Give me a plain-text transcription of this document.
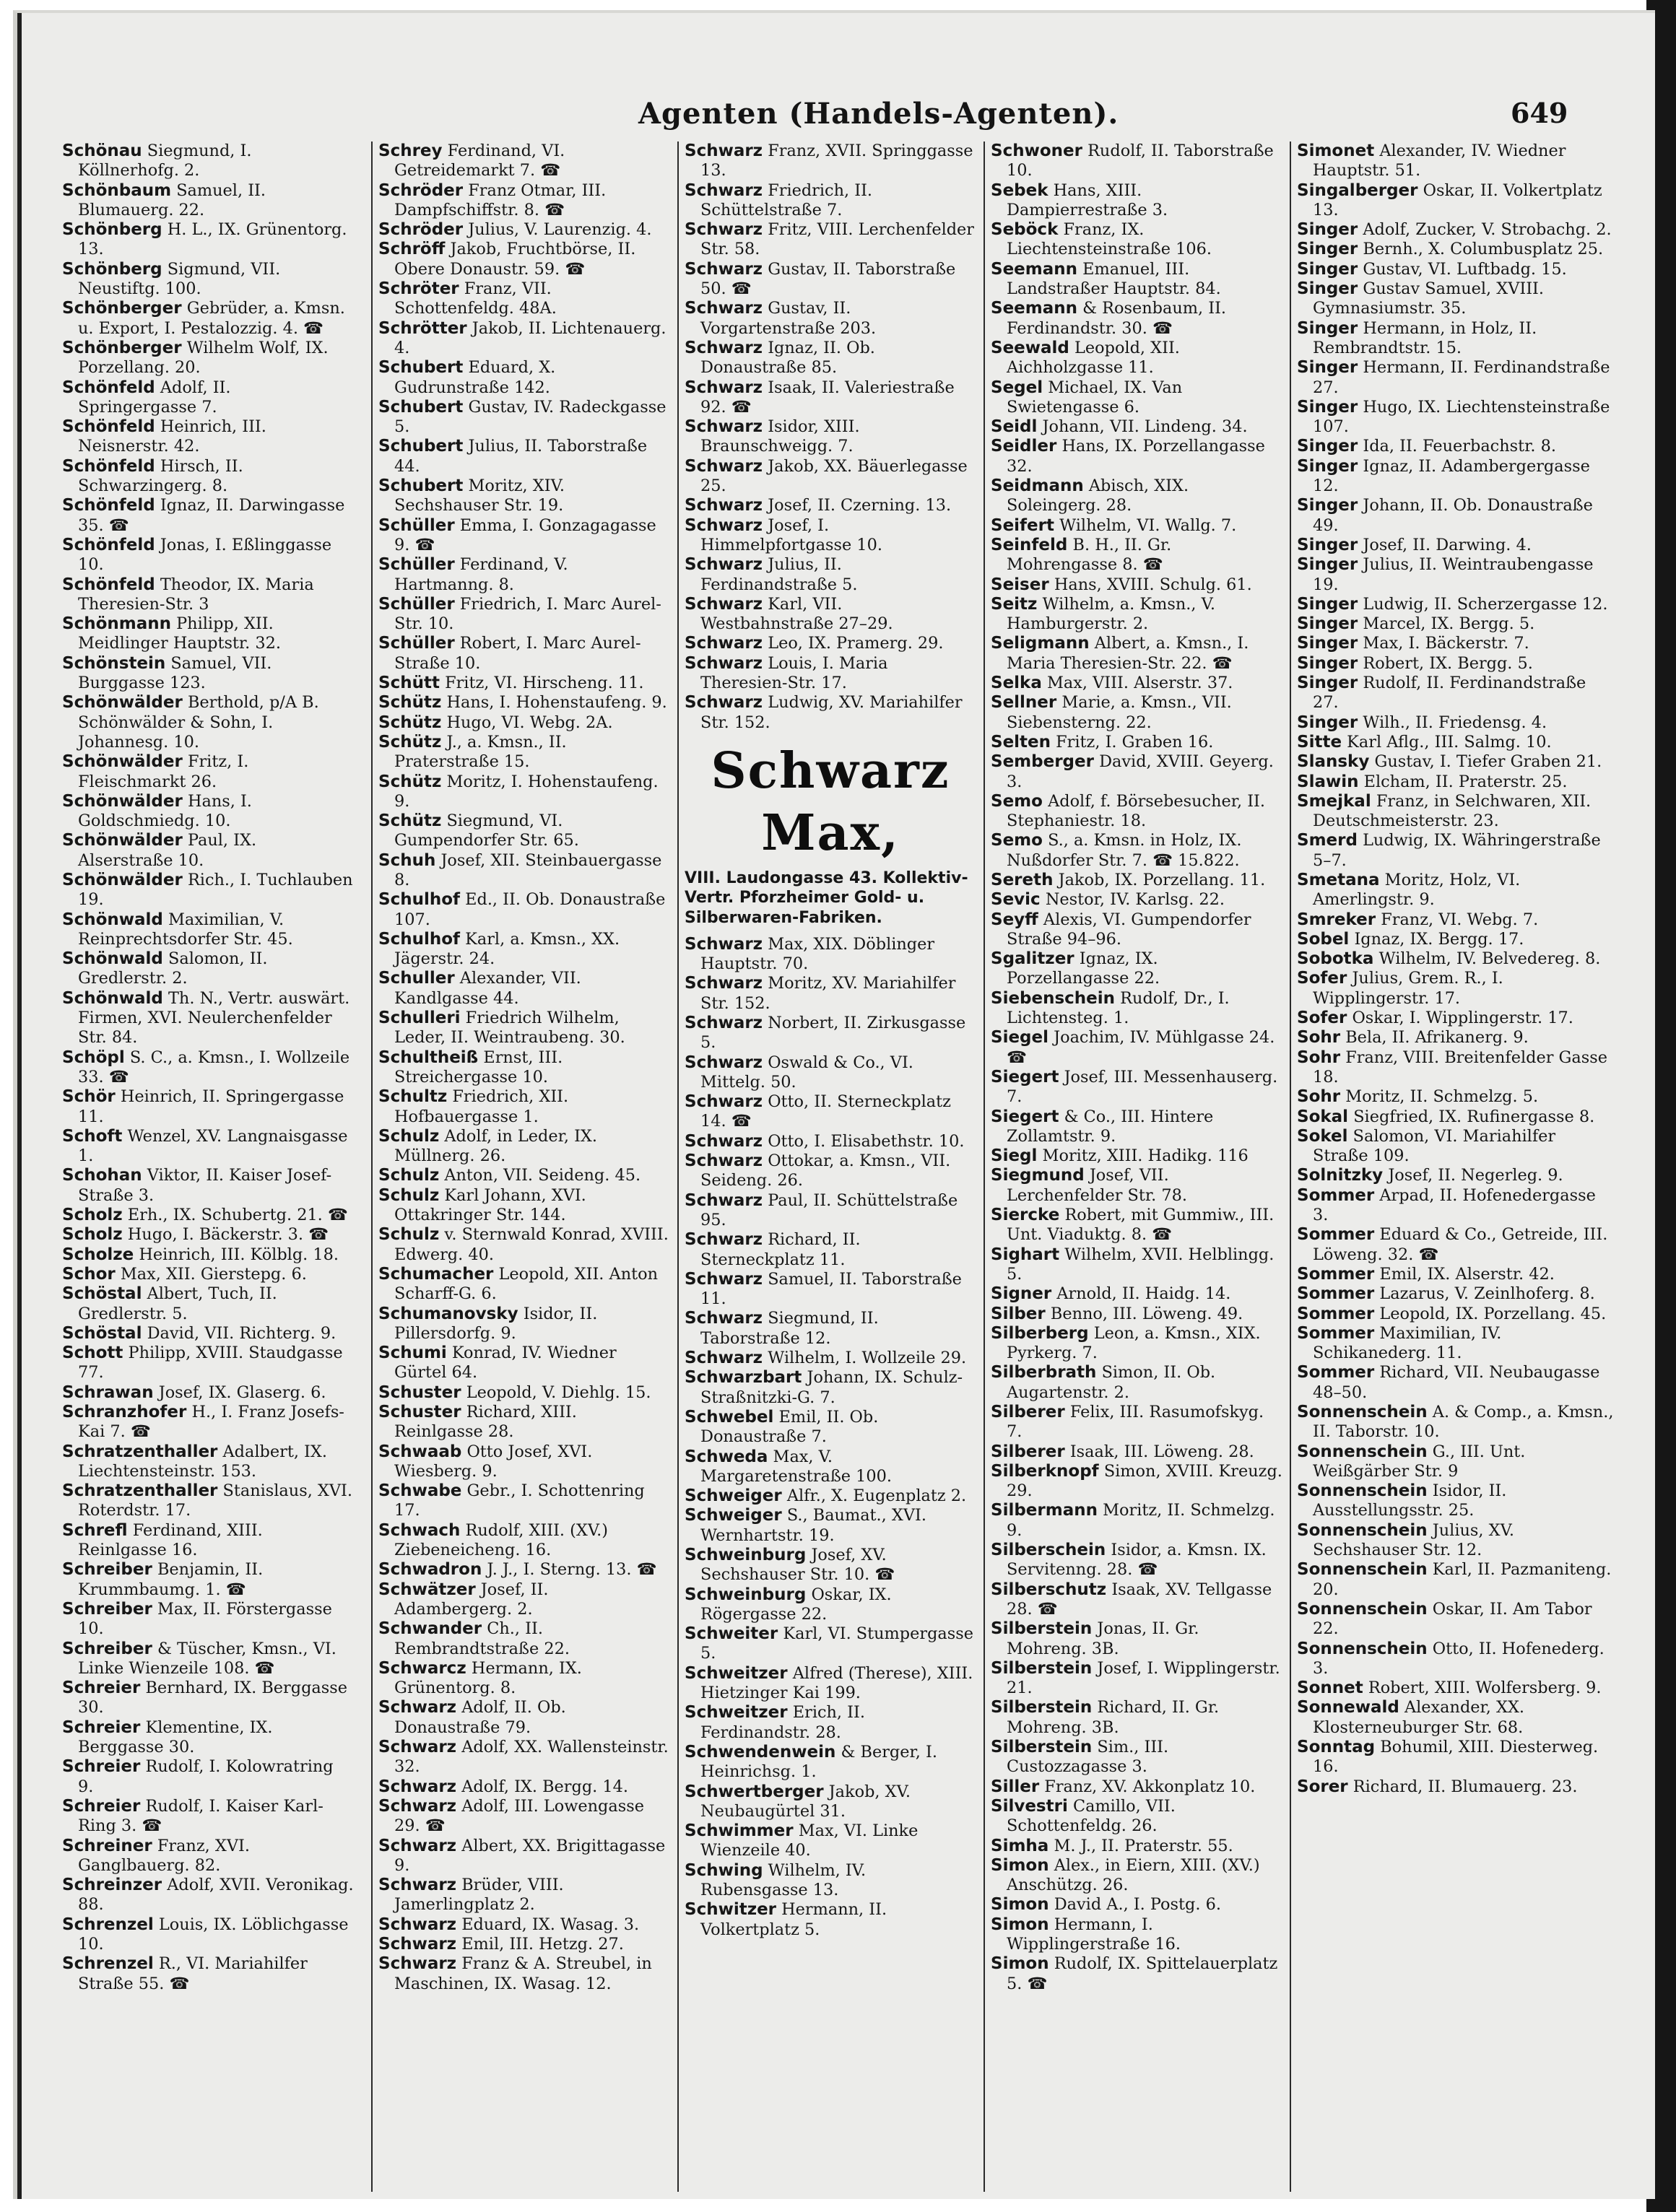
Agenten (Handels-Agenten).	649

Schönau Siegmund, I. Köllnerhofg. 2.

Schönbaum Samuel, II. Blumauerg. 22.

Schönberg H. L., IX. Grünentorg. 13.

Schönberg Sigmund, VII. Neustiftg. 100.

Schönberger Gebrüder, a. Kmsn. u. Export, I. Pestalozzig. 4. ☎

Schönberger Wilhelm Wolf, IX. Porzellang. 20.

Schönfeld Adolf, II. Springergasse 7.

Schönfeld Heinrich, III. Neisnerstr. 42.

Schönfeld Hirsch, II. Schwarzingerg. 8.

Schönfeld Ignaz, II. Darwingasse 35. ☎

Schönfeld Jonas, I. Eßlinggasse 10.

Schönfeld Theodor, IX. Maria Theresien-Str. 3

Schönmann Philipp, XII. Meidlinger Hauptstr. 32.

Schönstein Samuel, VII. Burggasse 123.

Schönwälder Berthold, p/A B. Schönwälder & Sohn, I. Johannesg. 10.

Schönwälder Fritz, I. Fleischmarkt 26.

Schönwälder Hans, I. Goldschmiedg. 10.

Schönwälder Paul, IX. Alserstraße 10.

Schönwälder Rich., I. Tuchlauben 19.

Schönwald Maximilian, V. Reinprechtsdorfer Str. 45.

Schönwald Salomon, II. Gredlerstr. 2.

Schönwald Th. N., Vertr. auswärt. Firmen, XVI. Neulerchenfelder Str. 84.

Schöpl S. C., a. Kmsn., I. Wollzeile 33. ☎

Schör Heinrich, II. Springergasse 11.

Schoft Wenzel, XV. Langnaisgasse 1.

Schohan Viktor, II. Kaiser Josef-Straße 3.

Scholz Erh., IX. Schubertg. 21. ☎

Scholz Hugo, I. Bäckerstr. 3. ☎

Scholze Heinrich, III. Kölblg. 18.

Schor Max, XII. Gierstерg. 6.

Schöstal Albert, Tuch, II. Gredlerstr. 5.

Schöstal David, VII. Richterg. 9.

Schott Philipp, XVIII. Staudgasse 77.

Schrawan Josef, IX. Glaserg. 6.

Schranzhofer H., I. Franz Josefs-Kai 7. ☎

Schratzenthaller Adalbert, IX. Liechtensteinstr. 153.

Schratzenthaller Stanislaus, XVI. Roterdstr. 17.

Schrefl Ferdinand, XIII. Reinlgasse 16.

Schreiber Benjamin, II. Krummbaumg. 1. ☎

Schreiber Max, II. Förstergasse 10.

Schreiber & Tüscher, Kmsn., VI. Linke Wienzeile 108. ☎

Schreier Bernhard, IX. Berggasse 30.

Schreier Klementine, IX. Berggasse 30.

Schreier Rudolf, I. Kolowratring 9.

Schreier Rudolf, I. Kaiser Karl-Ring 3. ☎

Schreiner Franz, XVI. Ganglbauerg. 82.

Schreinzer Adolf, XVII. Veronikag. 88.

Schrenzel Louis, IX. Löblichgasse 10.

Schrenzel R., VI. Mariahilfer Straße 55. ☎

Schrey Ferdinand, VI. Getreidemarkt 7. ☎

Schröder Franz Otmar, III. Dampfschiffstr. 8. ☎

Schröder Julius, V. Laurenzig. 4.

Schröff Jakob, Fruchtbörse, II. Obere Donaustr. 59. ☎

Schröter Franz, VII. Schottenfeldg. 48A.

Schrötter Jakob, II. Lichtenauerg. 4.

Schubert Eduard, X. Gudrunstraße 142.

Schubert Gustav, IV. Radeckgasse 5.

Schubert Julius, II. Taborstraße 44.

Schubert Moritz, XIV. Sechshauser Str. 19.

Schüller Emma, I. Gonzagagasse 9. ☎

Schüller Ferdinand, V. Hartmanng. 8.

Schüller Friedrich, I. Marc Aurel-Str. 10.

Schüller Robert, I. Marc Aurel-Straße 10.

Schütt Fritz, VI. Hirscheng. 11.

Schütz Hans, I. Hohenstaufeng. 9.

Schütz Hugo, VI. Webg. 2A.

Schütz J., a. Kmsn., II. Praterstraße 15.

Schütz Moritz, I. Hohenstaufeng. 9.

Schütz Siegmund, VI. Gumpendorfer Str. 65.

Schuh Josef, XII. Steinbauergasse 8.

Schulhof Ed., II. Ob. Donaustraße 107.

Schulhof Karl, a. Kmsn., XX. Jägerstr. 24.

Schuller Alexander, VII. Kandlgasse 44.

Schulleri Friedrich Wilhelm, Leder, II. Weintraubeng. 30.

Schultheiß Ernst, III. Streichergasse 10.

Schultz Friedrich, XII. Hofbauergasse 1.

Schulz Adolf, in Leder, IX. Müllnerg. 26.

Schulz Anton, VII. Seideng. 45.

Schulz Karl Johann, XVI. Ottakringer Str. 144.

Schulz v. Sternwald Konrad, XVIII. Edwerg. 40.

Schumacher Leopold, XII. Anton Scharff-G. 6.

Schumanovsky Isidor, II. Pillersdorfg. 9.

Schumi Konrad, IV. Wiedner Gürtel 64.

Schuster Leopold, V. Diehlg. 15.

Schuster Richard, XIII. Reinlgasse 28.

Schwaab Otto Josef, XVI. Wiesberg. 9.

Schwabe Gebr., I. Schottenring 17.

Schwach Rudolf, XIII. (XV.) Ziebeneicheng. 16.

Schwadron J. J., I. Sterng. 13. ☎

Schwätzer Josef, II. Adambergerg. 2.

Schwander Ch., II. Rembrandtstraße 22.

Schwarcz Hermann, IX. Grünentorg. 8.

Schwarz Adolf, II. Ob. Donaustraße 79.

Schwarz Adolf, XX. Wallensteinstr. 32.

Schwarz Adolf, IX. Bergg. 14.

Schwarz Adolf, III. Lowengasse 29. ☎

Schwarz Albert, XX. Brigittagasse 9.

Schwarz Brüder, VIII. Jamerlingplatz 2.

Schwarz Eduard, IX. Wasag. 3.

Schwarz Emil, III. Hetzg. 27.

Schwarz Franz & A. Streubel, in Maschinen, IX. Wasag. 12.

Schwarz Franz, XVII. Springgasse 13.

Schwarz Friedrich, II. Schüttelstraße 7.

Schwarz Fritz, VIII. Lerchenfelder Str. 58.

Schwarz Gustav, II. Taborstraße 50. ☎

Schwarz Gustav, II. Vorgartenstraße 203.

Schwarz Ignaz, II. Ob. Donaustraße 85.

Schwarz Isaak, II. Valeriestraße 92. ☎

Schwarz Isidor, XIII. Braunschweigg. 7.

Schwarz Jakob, XX. Bäuerlegasse 25.

Schwarz Josef, II. Czerning. 13.

Schwarz Josef, I. Himmelpfortgasse 10.

Schwarz Julius, II. Ferdinandstraße 5.

Schwarz Karl, VII. Westbahnstraße 27–29.

Schwarz Leo, IX. Pramerg. 29.

Schwarz Louis, I. Maria Theresien-Str. 17.

Schwarz Ludwig, XV. Mariahilfer Str. 152.

Schwarz Max,
VIII. Laudongasse 43. Kollektiv-Vertr. Pforzheimer Gold- u. Silberwaren-Fabriken.

Schwarz Max, XIX. Döblinger Hauptstr. 70.

Schwarz Moritz, XV. Mariahilfer Str. 152.

Schwarz Norbert, II. Zirkusgasse 5.

Schwarz Oswald & Co., VI. Mittelg. 50.

Schwarz Otto, II. Sterneckplatz 14. ☎

Schwarz Otto, I. Elisabethstr. 10.

Schwarz Ottokar, a. Kmsn., VII. Seideng. 26.

Schwarz Paul, II. Schüttelstraße 95.

Schwarz Richard, II. Sterneckplatz 11.

Schwarz Samuel, II. Taborstraße 11.

Schwarz Siegmund, II. Taborstraße 12.

Schwarz Wilhelm, I. Wollzeile 29.

Schwarzbart Johann, IX. Schulz-Straßnitzki-G. 7.

Schwebel Emil, II. Ob. Donaustraße 7.

Schweda Max, V. Margaretenstraße 100.

Schweiger Alfr., X. Eugenplatz 2.

Schweiger S., Baumat., XVI. Wernhartstr. 19.

Schweinburg Josef, XV. Sechshauser Str. 10. ☎

Schweinburg Oskar, IX. Rögergasse 22.

Schweiter Karl, VI. Stumpergasse 5.

Schweitzer Alfred (Therese), XIII. Hietzinger Kai 199.

Schweitzer Erich, II. Ferdinandstr. 28.

Schwendenwein & Berger, I. Heinrichsg. 1.

Schwertberger Jakob, XV. Neubaugürtel 31.

Schwimmer Max, VI. Linke Wienzeile 40.

Schwing Wilhelm, IV. Rubensgasse 13.

Schwitzer Hermann, II. Volkertplatz 5.

Schwoner Rudolf, II. Taborstraße 10.

Sebek Hans, XIII. Dampierrestraße 3.

Seböck Franz, IX. Liechtensteinstraße 106.

Seemann Emanuel, III. Landstraßer Hauptstr. 84.

Seemann & Rosenbaum, II. Ferdinandstr. 30. ☎

Seewald Leopold, XII. Aichholzgasse 11.

Segel Michael, IX. Van Swietengasse 6.

Seidl Johann, VII. Lindeng. 34.

Seidler Hans, IX. Porzellangasse 32.

Seidmann Abisch, XIX. Soleingerg. 28.

Seifert Wilhelm, VI. Wallg. 7.

Seinfeld B. H., II. Gr. Mohrengasse 8. ☎

Seiser Hans, XVIII. Schulg. 61.

Seitz Wilhelm, a. Kmsn., V. Hamburgerstr. 2.

Seligmann Albert, a. Kmsn., I. Maria Theresien-Str. 22. ☎

Selka Max, VIII. Alserstr. 37.

Sellner Marie, a. Kmsn., VII. Siebensterng. 22.

Selten Fritz, I. Graben 16.

Semberger David, XVIII. Geyerg. 3.

Semo Adolf, f. Börsebesucher, II. Stephaniestr. 18.

Semo S., a. Kmsn. in Holz, IX. Nußdorfer Str. 7. ☎ 15.822.

Sereth Jakob, IX. Porzellang. 11.

Sevic Nestor, IV. Karlsg. 22.

Seyff Alexis, VI. Gumpendorfer Straße 94–96.

Sgalitzer Ignaz, IX. Porzellangasse 22.

Siebenschein Rudolf, Dr., I. Lichtensteg. 1.

Siegel Joachim, IV. Mühlgasse 24. ☎

Siegert Josef, III. Messenhauserg. 7.

Siegert & Co., III. Hintere Zollamtstr. 9.

Siegl Moritz, XIII. Hadikg. 116

Siegmund Josef, VII. Lerchenfelder Str. 78.

Siercke Robert, mit Gummiw., III. Unt. Viaduktg. 8. ☎

Sighart Wilhelm, XVII. Helblingg. 5.

Signer Arnold, II. Haidg. 14.

Silber Benno, III. Löweng. 49.

Silberberg Leon, a. Kmsn., XIX. Pyrkerg. 7.

Silberbrath Simon, II. Ob. Augartenstr. 2.

Silberer Felix, III. Rasumofskyg. 7.

Silberer Isaak, III. Löweng. 28.

Silberknopf Simon, XVIII. Kreuzg. 29.

Silbermann Moritz, II. Schmelzg. 9.

Silberschein Isidor, a. Kmsn. IX. Servitenng. 28. ☎

Silberschutz Isaak, XV. Tellgasse 28. ☎

Silberstein Jonas, II. Gr. Mohreng. 3B.

Silberstein Josef, I. Wipplingerstr. 21.

Silberstein Richard, II. Gr. Mohreng. 3B.

Silberstein Sim., III. Custozzagasse 3.

Siller Franz, XV. Akkonplatz 10.

Silvestri Camillo, VII. Schottenfeldg. 26.

Simha M. J., II. Praterstr. 55.

Simon Alex., in Eiern, XIII. (XV.) Anschützg. 26.

Simon David A., I. Postg. 6.

Simon Hermann, I. Wipplingerstraße 16.

Simon Rudolf, IX. Spittelauerplatz 5. ☎

Simonet Alexander, IV. Wiedner Hauptstr. 51.

Singalberger Oskar, II. Volkertplatz 13.

Singer Adolf, Zucker, V. Strobachg. 2.

Singer Bernh., X. Columbusplatz 25.

Singer Gustav, VI. Luftbadg. 15.

Singer Gustav Samuel, XVIII. Gymnasiumstr. 35.

Singer Hermann, in Holz, II. Rembrandtstr. 15.

Singer Hermann, II. Ferdinandstraße 27.

Singer Hugo, IX. Liechtensteinstraße 107.

Singer Ida, II. Feuerbachstr. 8.

Singer Ignaz, II. Adambergergasse 12.

Singer Johann, II. Ob. Donaustraße 49.

Singer Josef, II. Darwing. 4.

Singer Julius, II. Weintraubengasse 19.

Singer Ludwig, II. Scherzergasse 12.

Singer Marcel, IX. Bergg. 5.

Singer Max, I. Bäckerstr. 7.

Singer Robert, IX. Bergg. 5.

Singer Rudolf, II. Ferdinandstraße 27.

Singer Wilh., II. Friedensg. 4.

Sitte Karl Aflg., III. Salmg. 10.

Slansky Gustav, I. Tiefer Graben 21.

Slawin Elcham, II. Praterstr. 25.

Smejkal Franz, in Selchwaren, XII. Deutschmeisterstr. 23.

Smerd Ludwig, IX. Währingerstraße 5–7.

Smetana Moritz, Holz, VI. Amerlingstr. 9.

Smreker Franz, VI. Webg. 7.

Sobel Ignaz, IX. Bergg. 17.

Sobotka Wilhelm, IV. Belvedereg. 8.

Sofer Julius, Grem. R., I. Wipplingerstr. 17.

Sofer Oskar, I. Wipplingerstr. 17.

Sohr Bela, II. Afrikanerg. 9.

Sohr Franz, VIII. Breitenfelder Gasse 18.

Sohr Moritz, II. Schmelzg. 5.

Sokal Siegfried, IX. Rufinergasse 8.

Sokel Salomon, VI. Mariahilfer Straße 109.

Solnitzky Josef, II. Negerleg. 9.

Sommer Arpad, II. Hofenedergasse 3.

Sommer Eduard & Co., Getreide, III. Löweng. 32. ☎

Sommer Emil, IX. Alserstr. 42.

Sommer Lazarus, V. Zeinlhoferg. 8.

Sommer Leopold, IX. Porzellang. 45.

Sommer Maximilian, IV. Schikanederg. 11.

Sommer Richard, VII. Neubaugasse 48–50.

Sonnenschein A. & Comp., a. Kmsn., II. Taborstr. 10.

Sonnenschein G., III. Unt. Weißgärber Str. 9

Sonnenschein Isidor, II. Ausstellungsstr. 25.

Sonnenschein Julius, XV. Sechshauser Str. 12.

Sonnenschein Karl, II. Pazmaniteng. 20.

Sonnenschein Oskar, II. Am Tabor 22.

Sonnenschein Otto, II. Hofenederg. 3.

Sonnet Robert, XIII. Wolfersberg. 9.

Sonnewald Alexander, XX. Klosterneuburger Str. 68.

Sonntag Bohumil, XIII. Diesterweg. 16.

Sorer Richard, II. Blumauerg. 23.
